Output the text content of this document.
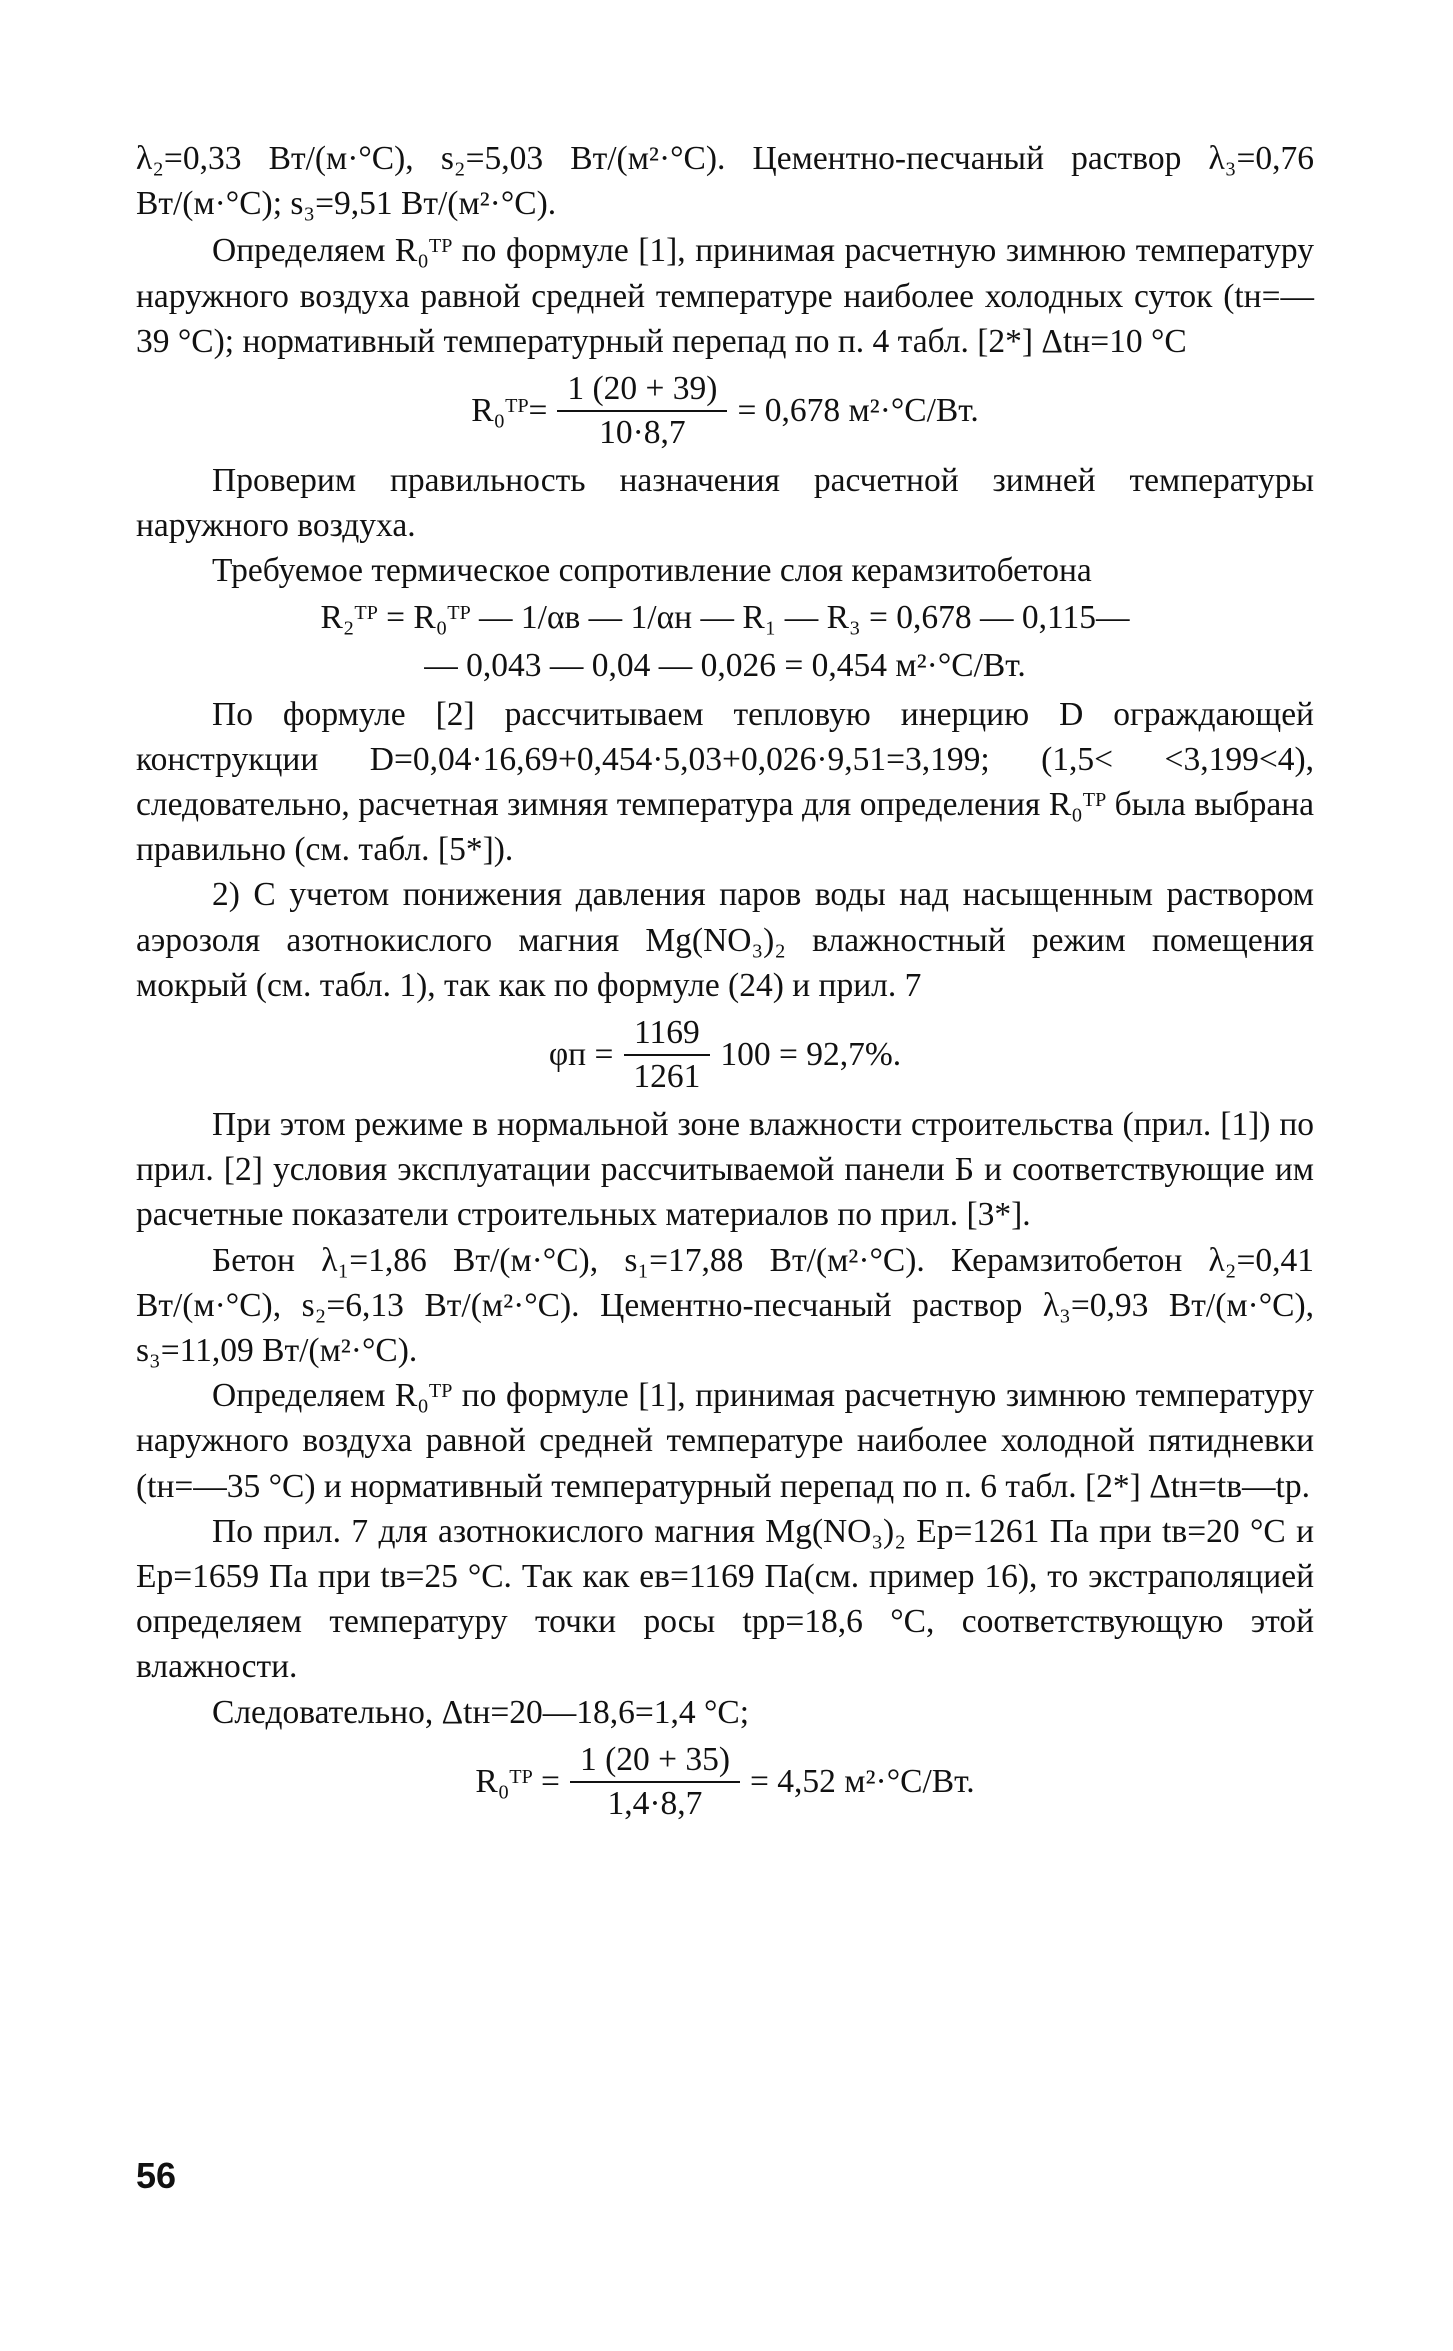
λ₂=0,33 Вт/(м·°С), s₂=5,03 Вт/(м²·°С). Цементно-песчаный раствор λ₃=0,76 Вт/(м·°С); s₃=9,51 Вт/(м²·°С).

Определяем R₀ᵀᴾ по формуле [1], принимая расчетную зимнюю температуру наружного воздуха равной средней температуре наиболее холодных суток (tн=—39 °С); нормативный температурный перепад по п. 4 табл. [2*] Δtн=10 °С

R₀ᵀᴾ= $\frac{1 (20 + 39)}{10\cdot 8,7} = 0,678$ м²·°С/Вт.

Проверим правильность назначения расчетной зимней температуры наружного воздуха.

Требуемое термическое сопротивление слоя керамзитобетона

R₂ᵀᴾ = R₀ᵀᴾ — 1/αв — 1/αн — R₁ — R₃ = 0,678 — 0,115—
— 0,043 — 0,04 — 0,026 = 0,454 м²·°С/Вт.

По формуле [2] рассчитываем тепловую инерцию D ограждающей конструкции D=0,04·16,69+0,454·5,03+0,026·9,51=3,199; (1,5< <3,199<4), следовательно, расчетная зимняя температура для определения R₀ᵀᴾ была выбрана правильно (см. табл. [5*]).

2) С учетом понижения давления паров воды над насыщенным раствором аэрозоля азотнокислого магния Mg(NO₃)₂ влажностный режим помещения мокрый (см. табл. 1), так как по формуле (24) и прил. 7

$\varphi п = \frac{1169}{1261} 100 = 92,7\%$.

При этом режиме в нормальной зоне влажности строительства (прил. [1]) по прил. [2] условия эксплуатации рассчитываемой панели Б и соответствующие им расчетные показатели строительных материалов по прил. [3*].

Бетон λ₁=1,86 Вт/(м·°С), s₁=17,88 Вт/(м²·°С). Керамзитобетон λ₂=0,41 Вт/(м·°С), s₂=6,13 Вт/(м²·°С). Цементно-песчаный раствор λ₃=0,93 Вт/(м·°С), s₃=11,09 Вт/(м²·°С).

Определяем R₀ᵀᴾ по формуле [1], принимая расчетную зимнюю температуру наружного воздуха равной средней температуре наиболее холодной пятидневки (tн=—35 °С) и нормативный температурный перепад по п. 6 табл. [2*] Δtн=tв—tр.

По прил. 7 для азотнокислого магния Mg(NO₃)₂ Eр=1261 Па при tв=20 °С и Eр=1659 Па при tв=25 °С. Так как eв=1169 Па(см. пример 16), то экстраполяцией определяем температуру точки росы tрр=18,6 °С, соответствующую этой влажности.

Следовательно, Δtн=20—18,6=1,4 °С;

R₀ᵀᴾ = $\frac{1 (20 + 35)}{1,4\cdot 8,7} = 4,52$ м²·°С/Вт.
56
